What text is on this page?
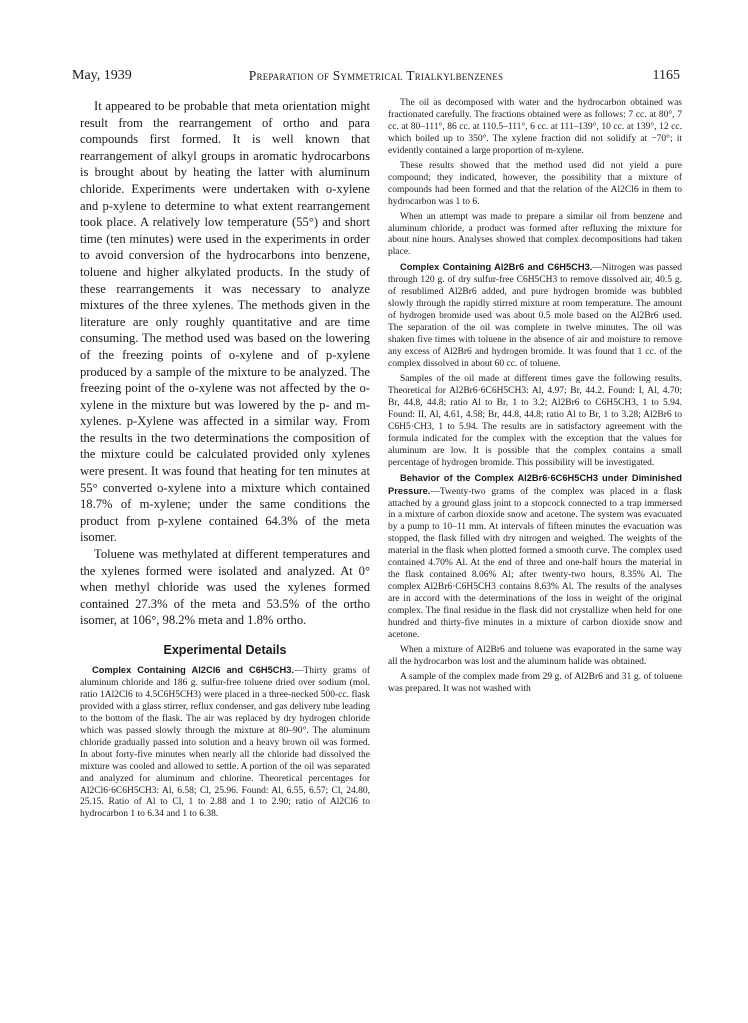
May, 1939	Preparation of Symmetrical Trialkylbenzenes	1165

It appeared to be probable that meta orientation might result from the rearrangement of ortho and para compounds first formed. It is well known that rearrangement of alkyl groups in aromatic hydrocarbons is brought about by heating the latter with aluminum chloride. Experiments were undertaken with o-xylene and p-xylene to determine to what extent rearrangement took place. A relatively low temperature (55°) and short time (ten minutes) were used in the experiments in order to avoid conversion of the hydrocarbons into benzene, toluene and higher alkylated products. In the study of these rearrangements it was necessary to analyze mixtures of the three xylenes. The methods given in the literature are only roughly quantitative and are time consuming. The method used was based on the lowering of the freezing points of o-xylene and of p-xylene produced by a sample of the mixture to be analyzed. The freezing point of the o-xylene was not affected by the o-xylene in the mixture but was lowered by the p- and m-xylenes. p-Xylene was affected in a similar way. From the results in the two determinations the composition of the mixture could be calculated provided only xylenes were present. It was found that heating for ten minutes at 55° converted o-xylene into a mixture which contained 18.7% of m-xylene; under the same conditions the product from p-xylene contained 64.3% of the meta isomer.

Toluene was methylated at different temperatures and the xylenes formed were isolated and analyzed. At 0° when methyl chloride was used the xylenes formed contained 27.3% of the meta and 53.5% of the ortho isomer, at 106°, 98.2% meta and 1.8% ortho.

Experimental Details

Complex Containing Al2Cl6 and C6H5CH3.—Thirty grams of aluminum chloride and 186 g. sulfur-free toluene dried over sodium (mol. ratio 1Al2Cl6 to 4.5C6H5CH3) were placed in a three-necked 500-cc. flask provided with a glass stirrer, reflux condenser, and gas delivery tube leading to the bottom of the flask. The air was replaced by dry hydrogen chloride which was passed slowly through the mixture at 80–90°. The aluminum chloride gradually passed into solution and a heavy brown oil was formed. In about forty-five minutes when nearly all the chloride had dissolved the mixture was cooled and allowed to settle. A portion of the oil was separated and analyzed for aluminum and chlorine. Theoretical percentages for Al2Cl6·6C6H5CH3: Al, 6.58; Cl, 25.96. Found: Al, 6.55, 6.57; Cl, 24.80, 25.15. Ratio of Al to Cl, 1 to 2.88 and 1 to 2.90; ratio of Al2Cl6 to hydrocarbon 1 to 6.34 and 1 to 6.38.

The oil as decomposed with water and the hydrocarbon obtained was fractionated carefully. The fractions obtained were as follows: 7 cc. at 80°, 7 cc. at 80–111°, 86 cc. at 110.5–111°, 6 cc. at 111–139°, 10 cc. at 139°, 12 cc. which boiled up to 350°. The xylene fraction did not solidify at −70°; it evidently contained a large proportion of m-xylene.

These results showed that the method used did not yield a pure compound; they indicated, however, the possibility that a mixture of compounds had been formed and that the relation of the Al2Cl6 in them to hydrocarbon was 1 to 6.

When an attempt was made to prepare a similar oil from benzene and aluminum chloride, a product was formed after refluxing the mixture for about nine hours. Analyses showed that complex decompositions had taken place.

Complex Containing Al2Br6 and C6H5CH3.—Nitrogen was passed through 120 g. of dry sulfur-free C6H5CH3 to remove dissolved air, 40.5 g. of resublimed Al2Br6 added, and pure hydrogen bromide was bubbled slowly through the rapidly stirred mixture at room temperature. The amount of hydrogen bromide used was about 0.5 mole based on the Al2Br6 used. The separation of the oil was complete in twelve minutes. The oil was shaken five times with toluene in the absence of air and moisture to remove any excess of Al2Br6 and hydrogen bromide. It was found that 1 cc. of the complex dissolved in about 60 cc. of toluene.

Samples of the oil made at different times gave the following results. Theoretical for Al2Br6·6C6H5CH3: Al, 4.97; Br, 44.2. Found: I, Al, 4.70; Br, 44.8, 44.8; ratio Al to Br, 1 to 3.2; Al2Br6 to C6H5CH3, 1 to 5.94. Found: II, Al, 4.61, 4.58; Br, 44.8, 44.8; ratio Al to Br, 1 to 3.28; Al2Br6 to C6H5·CH3, 1 to 5.94. The results are in satisfactory agreement with the formula indicated for the complex with the exception that the values for aluminum are low. It is possible that the complex contains a small percentage of hydrogen bromide. This possibility will be investigated.

Behavior of the Complex Al2Br6·6C6H5CH3 under Diminished Pressure.—Twenty-two grams of the complex was placed in a flask attached by a ground glass joint to a stopcock connected to a trap immersed in a mixture of carbon dioxide snow and acetone. The system was evacuated by a pump to 10–11 mm. At intervals of fifteen minutes the evacuation was stopped, the flask filled with dry nitrogen and weighed. The weights of the material in the flask when plotted formed a smooth curve. The complex used contained 4.70% Al. At the end of three and one-half hours the material in the flask contained 8.06% Al; after twenty-two hours, 8.35% Al. The complex Al2Br6·C6H5CH3 contains 8.63% Al. The results of the analyses are in accord with the determinations of the loss in weight of the original complex. The final residue in the flask did not crystallize when held for one hundred and thirty-five minutes in a mixture of carbon dioxide snow and acetone.

When a mixture of Al2Br6 and toluene was evaporated in the same way all the hydrocarbon was lost and the aluminum halide was obtained.

A sample of the complex made from 29 g. of Al2Br6 and 31 g. of toluene was prepared. It was not washed with
